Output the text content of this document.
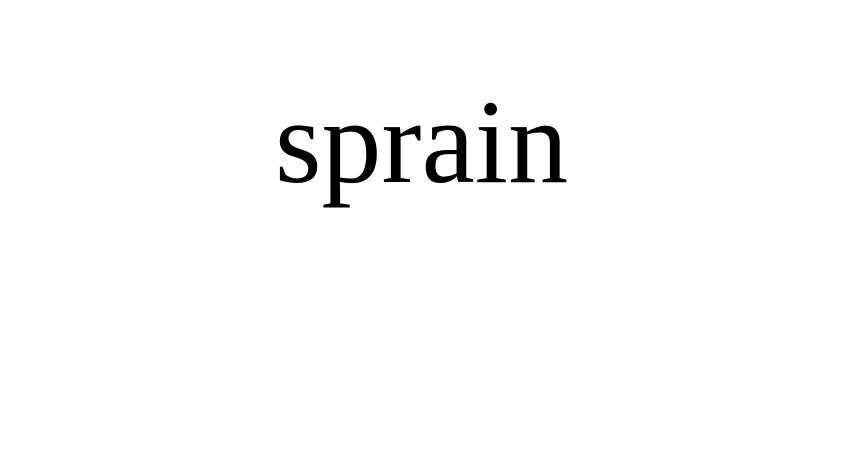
sprain
